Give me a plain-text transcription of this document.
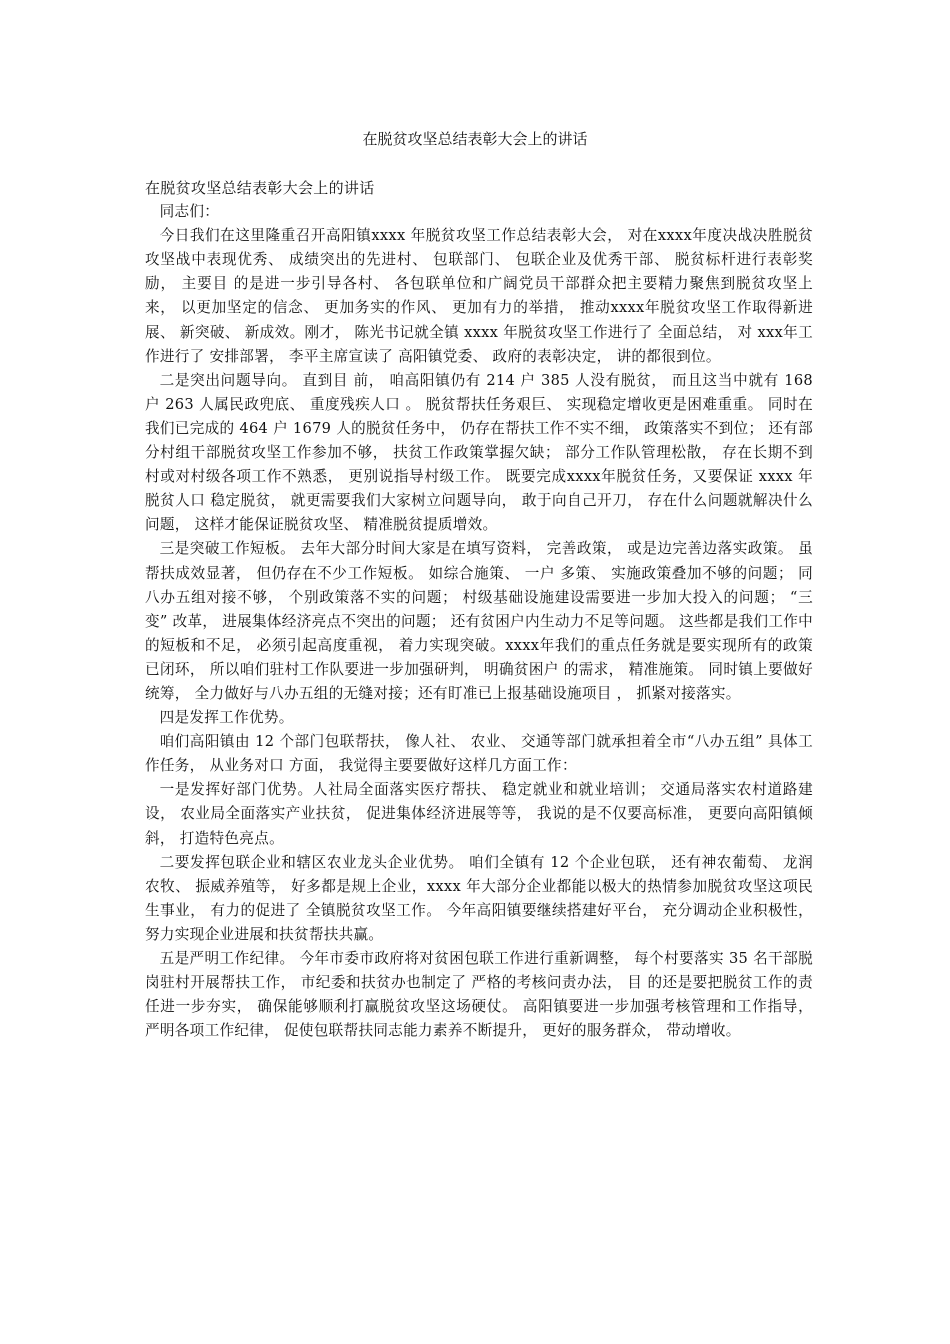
在脱贫攻坚总结表彰大会上的讲话

在脱贫攻坚总结表彰大会上的讲话

同志们：

今日我们在这里隆重召开高阳镇xxxx 年脱贫攻坚工作总结表彰大会， 对在xxxx年度决战决胜脱贫攻坚战中表现优秀、 成绩突出的先进村、 包联部门、 包联企业及优秀干部、 脱贫标杆进行表彰奖励， 主要目 的是进一步引导各村、 各包联单位和广阔党员干部群众把主要精力聚焦到脱贫攻坚上来， 以更加坚定的信念、 更加务实的作风、 更加有力的举措， 推动xxxx年脱贫攻坚工作取得新进展、 新突破、 新成效。刚才， 陈光书记就全镇 xxxx 年脱贫攻坚工作进行了 全面总结， 对 xxx年工作进行了 安排部署， 李平主席宣读了 高阳镇党委、 政府的表彰决定， 讲的都很到位。

二是突出问题导向。 直到目 前， 咱高阳镇仍有 214 户 385 人没有脱贫， 而且这当中就有 168 户 263 人属民政兜底、 重度残疾人口 。 脱贫帮扶任务艰巨、 实现稳定增收更是困难重重。 同时在我们已完成的 464 户 1679 人的脱贫任务中， 仍存在帮扶工作不实不细， 政策落实不到位； 还有部分村组干部脱贫攻坚工作参加不够， 扶贫工作政策掌握欠缺； 部分工作队管理松散， 存在长期不到村或对村级各项工作不熟悉， 更别说指导村级工作。 既要完成xxxx年脱贫任务，又要保证 xxxx 年脱贫人口 稳定脱贫， 就更需要我们大家树立问题导向， 敢于向自己开刀， 存在什么问题就解决什么问题， 这样才能保证脱贫攻坚、 精准脱贫提质增效。

三是突破工作短板。 去年大部分时间大家是在填写资料， 完善政策， 或是边完善边落实政策。 虽帮扶成效显著， 但仍存在不少工作短板。 如综合施策、 一户 多策、 实施政策叠加不够的问题； 同八办五组对接不够， 个别政策落不实的问题； 村级基础设施建设需要进一步加大投入的问题； “三变” 改革， 进展集体经济亮点不突出的问题； 还有贫困户内生动力不足等问题。 这些都是我们工作中的短板和不足， 必须引起高度重视， 着力实现突破。xxxx年我们的重点任务就是要实现所有的政策已闭环， 所以咱们驻村工作队要进一步加强研判， 明确贫困户 的需求， 精准施策。 同时镇上要做好统筹， 全力做好与八办五组的无缝对接；还有盯准已上报基础设施项目 ， 抓紧对接落实。

四是发挥工作优势。

咱们高阳镇由 12 个部门包联帮扶， 像人社、 农业、 交通等部门就承担着全市“八办五组” 具体工作任务， 从业务对口 方面， 我觉得主要要做好这样几方面工作：

一是发挥好部门优势。人社局全面落实医疗帮扶、 稳定就业和就业培训； 交通局落实农村道路建设， 农业局全面落实产业扶贫， 促进集体经济进展等等， 我说的是不仅要高标准， 更要向高阳镇倾斜， 打造特色亮点。

二要发挥包联企业和辖区农业龙头企业优势。 咱们全镇有 12 个企业包联， 还有神农葡萄、 龙润农牧、 振威养殖等， 好多都是规上企业，xxxx 年大部分企业都能以极大的热情参加脱贫攻坚这项民生事业， 有力的促进了 全镇脱贫攻坚工作。 今年高阳镇要继续搭建好平台， 充分调动企业积极性， 努力实现企业进展和扶贫帮扶共赢。

五是严明工作纪律。 今年市委市政府将对贫困包联工作进行重新调整， 每个村要落实 35 名干部脱岗驻村开展帮扶工作， 市纪委和扶贫办也制定了 严格的考核问责办法， 目 的还是要把脱贫工作的责任进一步夯实， 确保能够顺利打赢脱贫攻坚这场硬仗。 高阳镇要进一步加强考核管理和工作指导， 严明各项工作纪律， 促使包联帮扶同志能力素养不断提升， 更好的服务群众， 带动增收。
